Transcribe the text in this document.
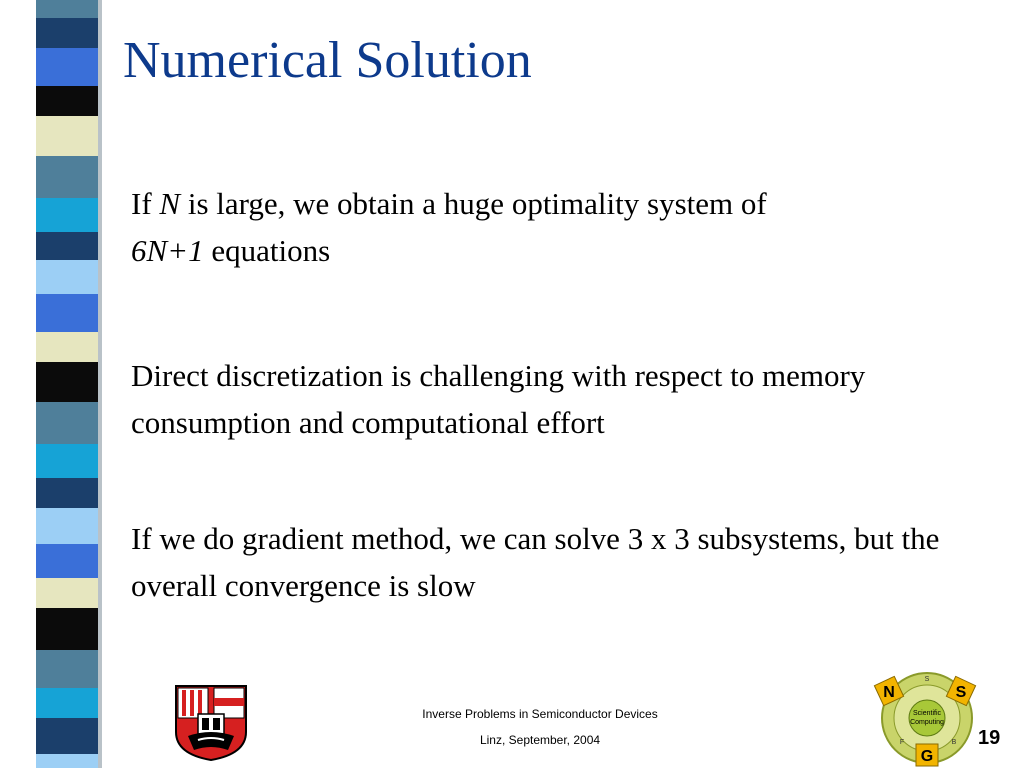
Numerical Solution
If N is large, we obtain a huge optimality system of
6N+1 equations
Direct discretization is challenging with respect to memory consumption and computational effort
If we do gradient method, we can solve 3 x 3 subsystems, but the overall convergence is slow
Scientific
Computing
S
F	B
N	S
G
Inverse Problems in Semiconductor Devices
Linz, September, 2004	19
